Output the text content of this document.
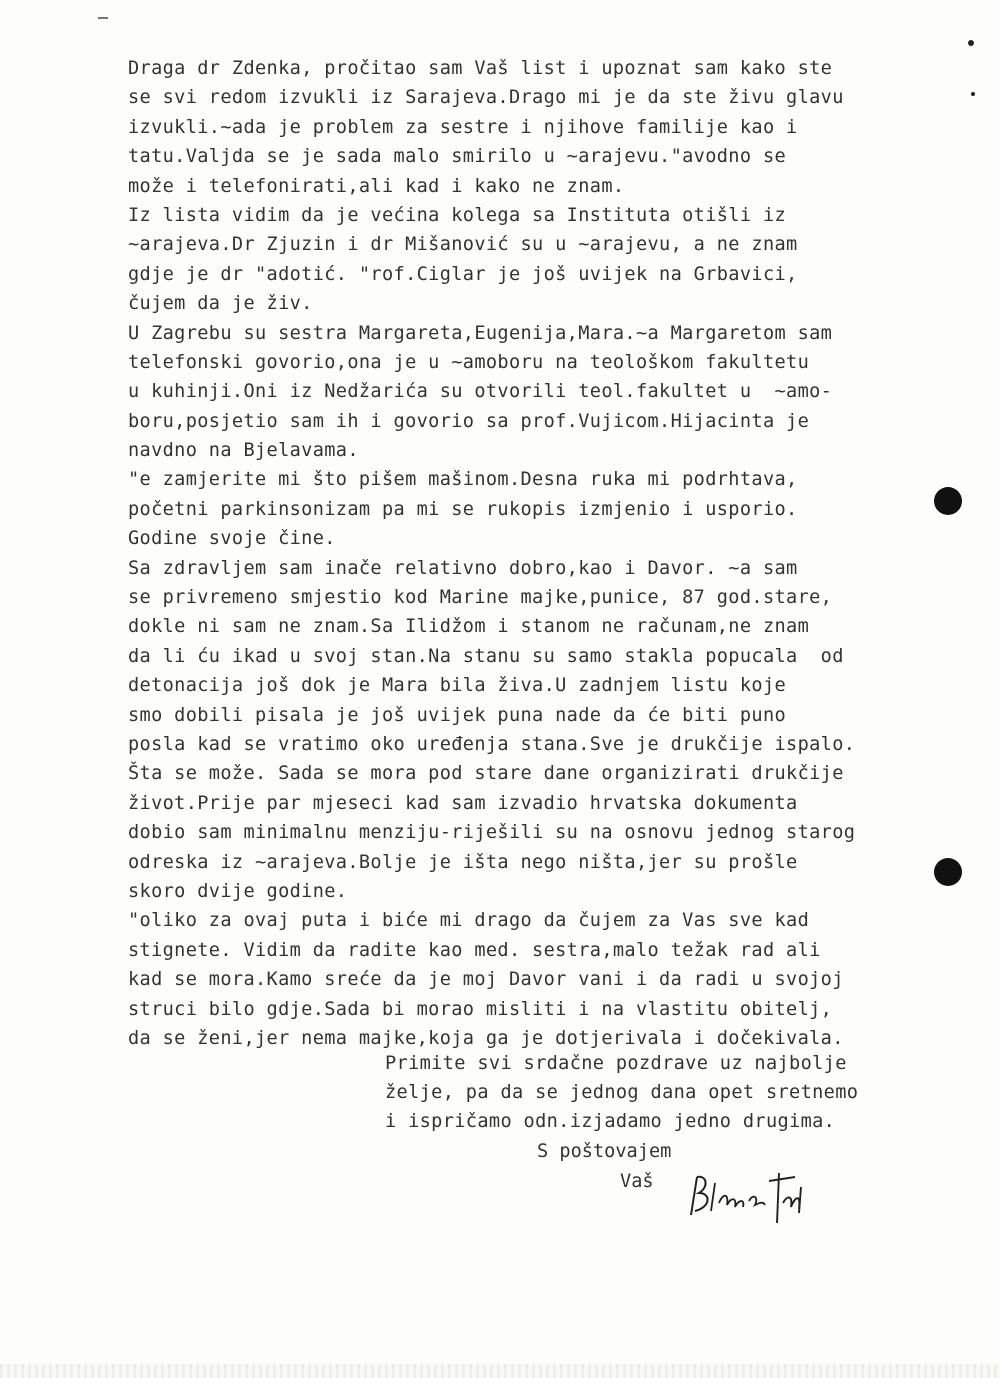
Draga dr Zdenka, pročitao sam Vaš list i upoznat sam kako ste
se svi redom izvukli iz Sarajeva.Drago mi je da ste živu glavu
izvukli.~ada je problem za sestre i njihove familije kao i
tatu.Valjda se je sada malo smirilo u ~arajevu."avodno se
može i telefonirati,ali kad i kako ne znam.
Iz lista vidim da je većina kolega sa Instituta otišli iz
~arajeva.Dr Zjuzin i dr Mišanović su u ~arajevu, a ne znam
gdje je dr "adotić. "rof.Ciglar je još uvijek na Grbavici,
čujem da je živ.
U Zagrebu su sestra Margareta,Eugenija,Mara.~a Margaretom sam
telefonski govorio,ona je u ~amoboru na teološkom fakultetu
u kuhinji.Oni iz Nedžarića su otvorili teol.fakultet u  ~amo-
boru,posjetio sam ih i govorio sa prof.Vujicom.Hijacinta je
navdno na Bjelavama.
"e zamjerite mi što pišem mašinom.Desna ruka mi podrhtava,
početni parkinsonizam pa mi se rukopis izmjenio i usporio.
Godine svoje čine.
Sa zdravljem sam inače relativno dobro,kao i Davor. ~a sam
se privremeno smjestio kod Marine majke,punice, 87 god.stare,
dokle ni sam ne znam.Sa Ilidžom i stanom ne računam,ne znam
da li ću ikad u svoj stan.Na stanu su samo stakla popucala  od
detonacija još dok je Mara bila živa.U zadnjem listu koje
smo dobili pisala je još uvijek puna nade da će biti puno
posla kad se vratimo oko uređenja stana.Sve je drukčije ispalo.
Šta se može. Sada se mora pod stare dane organizirati drukčije
život.Prije par mjeseci kad sam izvadio hrvatska dokumenta
dobio sam minimalnu menziju-riješili su na osnovu jednog starog
odreska iz ~arajeva.Bolje je išta nego ništa,jer su prošle
skoro dvije godine.
"oliko za ovaj puta i biće mi drago da čujem za Vas sve kad
stignete. Vidim da radite kao med. sestra,malo težak rad ali
kad se mora.Kamo sreće da je moj Davor vani i da radi u svojoj
struci bilo gdje.Sada bi morao misliti i na vlastitu obitelj,
da se ženi,jer nema majke,koja ga je dotjerivala i dočekivala.
Primite svi srdačne pozdrave uz najbolje
želje, pa da se jednog dana opet sretnemo
i ispričamo odn.izjadamo jedno drugima.
S poštovajem
Vaš
